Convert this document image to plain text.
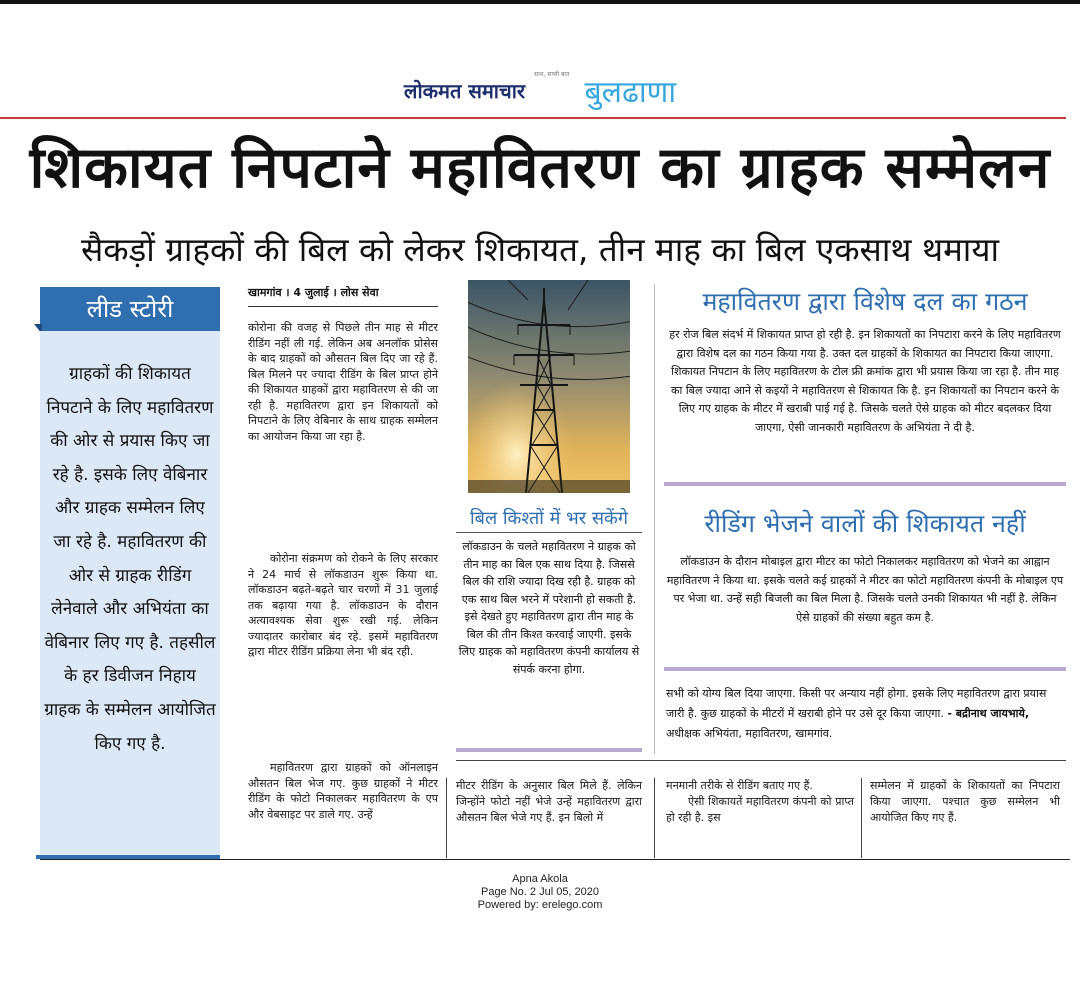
लोकमत समाचार साथ, सच्ची बात बुलढाणा
शिकायत निपटाने महावितरण का ग्राहक सम्मेलन
सैकड़ों ग्राहकों की बिल को लेकर शिकायत, तीन माह का बिल एकसाथ थमाया
लीड स्टोरी
ग्राहकों की शिकायत निपटाने के लिए महावितरण की ओर से प्रयास किए जा रहे है. इसके लिए वेबिनार और ग्राहक सम्मेलन लिए जा रहे है. महावितरण की ओर से ग्राहक रीडिंग लेनेवाले और अभियंता का वेबिनार लिए गए है. तहसील के हर डिवीजन निहाय ग्राहक के सम्मेलन आयोजित किए गए है.
खामगांव । 4 जुलाई । लोस सेवा

कोरोना की वजह से पिछले तीन माह से मीटर रीडिंग नहीं ली गई. लेकिन अब अनलॉक प्रोसेस के बाद ग्राहकों को औसतन बिल दिए जा रहे हैं. बिल मिलने पर ज्यादा रीडिंग के बिल प्राप्त होने की शिकायत ग्राहकों द्वारा महावितरण से की जा रही है. महावितरण द्वारा इन शिकायतों को निपटाने के लिए वेबिनार के साथ ग्राहक सम्मेलन का आयोजन किया जा रहा है.

कोरोना संक्रमण को रोकने के लिए सरकार ने 24 मार्च से लॉकडाउन शुरू किया था. लॉकडाउन बढ़ते-बढ़ते चार चरणों में 31 जुलाई तक बढ़ाया गया है. लॉकडाउन के दौरान अत्यावश्यक सेवा शुरू रखी गई. लेकिन ज्यादातर कारोबार बंद रहे. इसमें महावितरण द्वारा मीटर रीडिंग प्रक्रिया लेना भी बंद रही.

महावितरण द्वारा ग्राहकों को ऑनलाइन औसतन बिल भेज गए. कुछ ग्राहकों ने मीटर रीडिंग के फोटो निकालकर महावितरण के एप और वेबसाइट पर डाले गए. उन्हें

बिल किश्तों में भर सकेंगे
लॉकडाउन के चलते महावितरण ने ग्राहक को तीन माह का बिल एक साथ दिया है. जिससे बिल की राशि ज्यादा दिख रही है. ग्राहक को एक साथ बिल भरने में परेशानी हो सकती है. इसे देखते हुए महावितरण द्वारा तीन माह के बिल की तीन किश्त करवाई जाएगी. इसके लिए ग्राहक को महावितरण कंपनी कार्यालय से संपर्क करना होगा.
महावितरण द्वारा विशेष दल का गठन
हर रोज बिल संदर्भ में शिकायत प्राप्त हो रही है. इन शिकायतों का निपटारा करने के लिए महावितरण द्वारा विशेष दल का गठन किया गया है. उक्त दल ग्राहकों के शिकायत का निपटारा किया जाएगा. शिकायत निपटान के लिए महावितरण के टोल फ्री क्रमांक द्वारा भी प्रयास किया जा रहा है. तीन माह का बिल ज्यादा आने से कइयों ने महावितरण से शिकायत कि है. इन शिकायतों का निपटान करने के लिए गए ग्राहक के मीटर में खराबी पाई गई है. जिसके चलते ऐसे ग्राहक को मीटर बदलकर दिया जाएगा, ऐसी जानकारी महावितरण के अभियंता ने दी है.
रीडिंग भेजने वालों की शिकायत नहीं
लॉकडाउन के दौरान मोबाइल द्वारा मीटर का फोटो निकालकर महावितरण को भेजने का आह्वान महावितरण ने किया था. इसके चलते कई ग्राहकों ने मीटर का फोटो महावितरण कंपनी के मोबाइल एप पर भेजा था. उन्हें सही बिजली का बिल मिला है. जिसके चलते उनकी शिकायत भी नहीं है. लेकिन ऐसे ग्राहकों की संख्या बहुत कम है.
सभी को योग्य बिल दिया जाएगा. किसी पर अन्याय नहीं होगा. इसके लिए महावितरण द्वारा प्रयास जारी है. कुछ ग्राहकों के मीटरों में खराबी होने पर उसे दूर किया जाएगा. - बद्रीनाथ जायभाये, अधीक्षक अभियंता, महावितरण, खामगांव.

मीटर रीडिंग के अनुसार बिल मिले हैं. लेकिन जिन्होंने फोटो नहीं भेजे उन्हें महावितरण द्वारा औसतन बिल भेजे गए हैं. इन बिलो में

मनमानी तरीके से रीडिंग बताए गए हैं.

ऐसी शिकायतें महावितरण कंपनी को प्राप्त हो रही है. इस

सम्मेलन में ग्राहकों के शिकायतों का निपटारा किया जाएगा. पश्चात कुछ सम्मेलन भी आयोजित किए गए हैं.

Apna Akola
Page No. 2 Jul 05, 2020
Powered by: erelego.com
